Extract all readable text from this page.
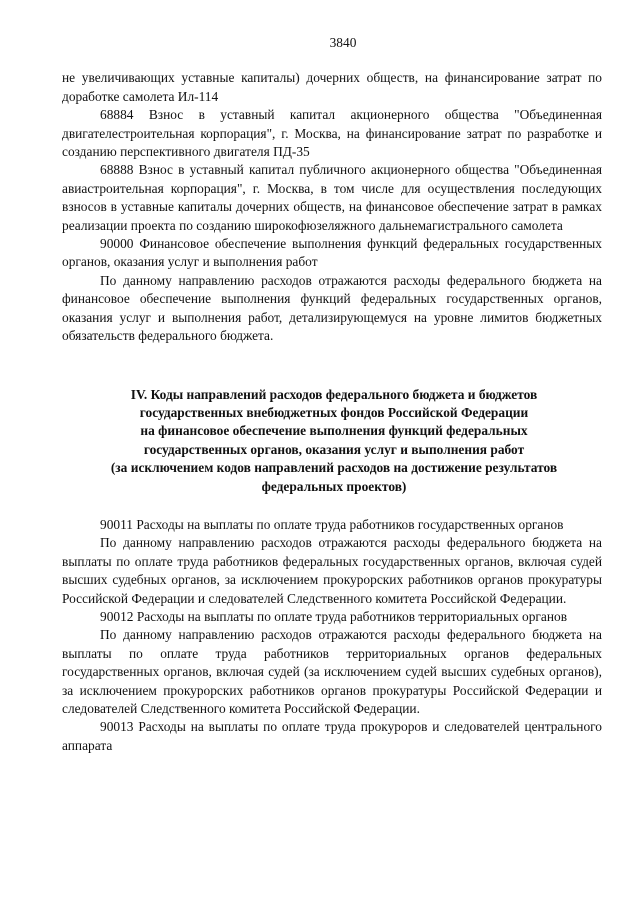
3840

не увеличивающих уставные капиталы) дочерних обществ, на финансирование затрат по доработке самолета Ил-114

68884 Взнос в уставный капитал акционерного общества "Объединенная двигателестроительная корпорация", г. Москва, на финансирование затрат по разработке и созданию перспективного двигателя ПД-35

68888 Взнос в уставный капитал публичного акционерного общества "Объединенная авиастроительная корпорация", г. Москва, в том числе для осуществления последующих взносов в уставные капиталы дочерних обществ, на финансовое обеспечение затрат в рамках реализации проекта по созданию широкофюзеляжного дальнемагистрального самолета

90000 Финансовое обеспечение выполнения функций федеральных государственных органов, оказания услуг и выполнения работ

По данному направлению расходов отражаются расходы федерального бюджета на финансовое обеспечение выполнения функций федеральных государственных органов, оказания услуг и выполнения работ, детализирующемуся на уровне лимитов бюджетных обязательств федерального бюджета.

IV. Коды направлений расходов федерального бюджета и бюджетов
государственных внебюджетных фондов Российской Федерации
на финансовое обеспечение выполнения функций федеральных
государственных органов, оказания услуг и выполнения работ
(за исключением кодов направлений расходов на достижение результатов
федеральных проектов)

90011 Расходы на выплаты по оплате труда работников государственных органов

По данному направлению расходов отражаются расходы федерального бюджета на выплаты по оплате труда работников федеральных государственных органов, включая судей высших судебных органов, за исключением прокурорских работников органов прокуратуры Российской Федерации и следователей Следственного комитета Российской Федерации.

90012 Расходы на выплаты по оплате труда работников территориальных органов

По данному направлению расходов отражаются расходы федерального бюджета на выплаты по оплате труда работников территориальных органов федеральных государственных органов, включая судей (за исключением судей высших судебных органов), за исключением прокурорских работников органов прокуратуры Российской Федерации и следователей Следственного комитета Российской Федерации.

90013 Расходы на выплаты по оплате труда прокуроров и следователей центрального аппарата
